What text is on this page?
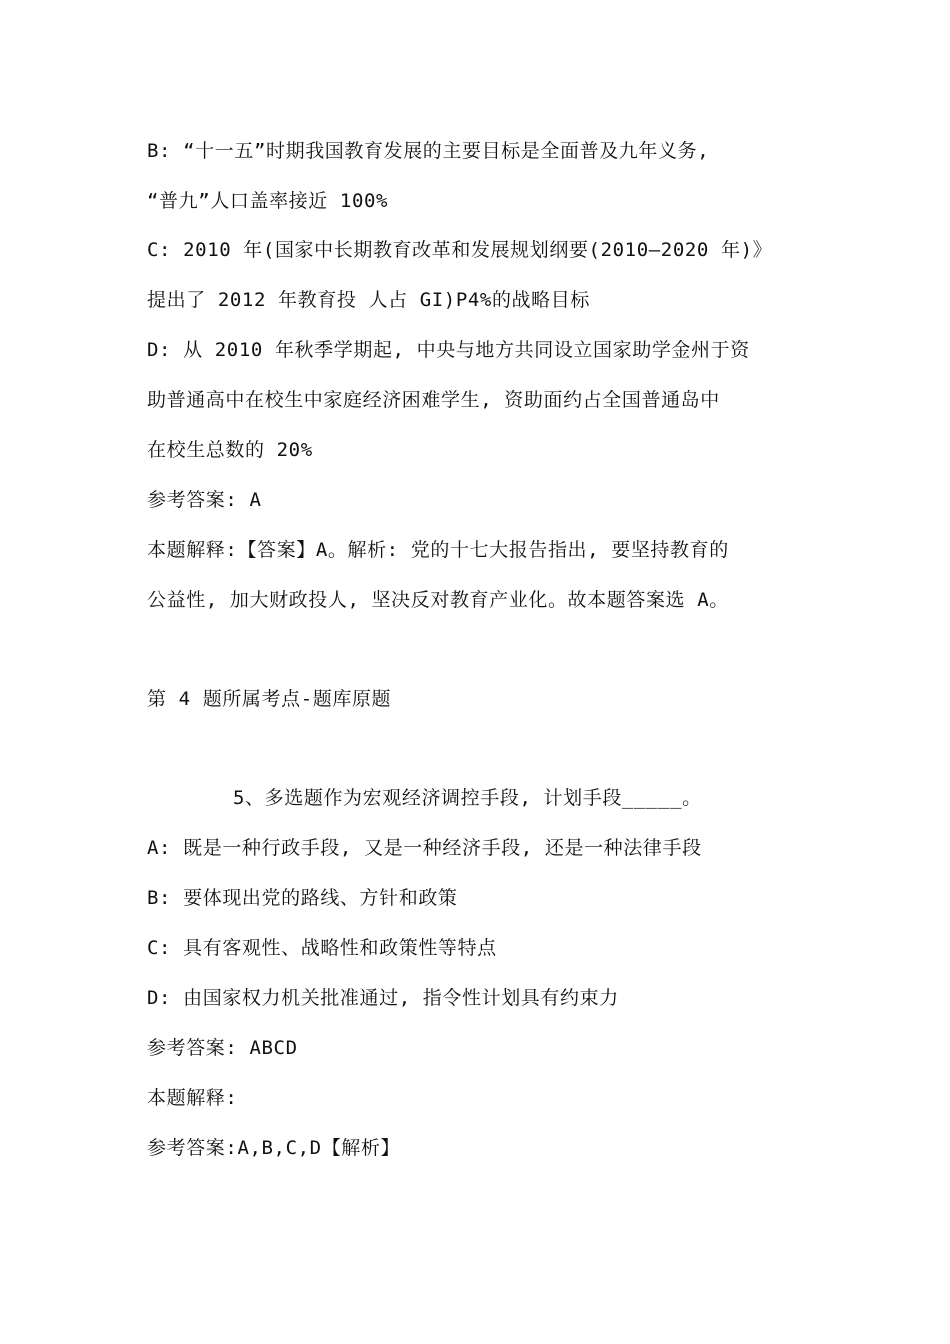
B: “十一五”时期我国教育发展的主要目标是全面普及九年义务,
“普九”人口盖率接近 100%
C: 2010 年(国家中长期教育改革和发展规划纲要(2010—2020 年)》
提出了 2012 年教育投 人占 GI)P4%的战略目标
D: 从 2010 年秋季学期起, 中央与地方共同设立国家助学金州于资
助普通高中在校生中家庭经济困难学生, 资助面约占全国普通岛中
在校生总数的 20%
参考答案: A
本题解释:【答案】A。解析: 党的十七大报告指出, 要坚持教育的
公益性, 加大财政投人, 坚决反对教育产业化。故本题答案选 A。
第 4 题所属考点-题库原题
5、多选题作为宏观经济调控手段, 计划手段_____。
A: 既是一种行政手段, 又是一种经济手段, 还是一种法律手段
B: 要体现出党的路线、方针和政策
C: 具有客观性、战略性和政策性等特点
D: 由国家权力机关批准通过, 指令性计划具有约束力
参考答案: ABCD
本题解释:
参考答案:A,B,C,D【解析】
